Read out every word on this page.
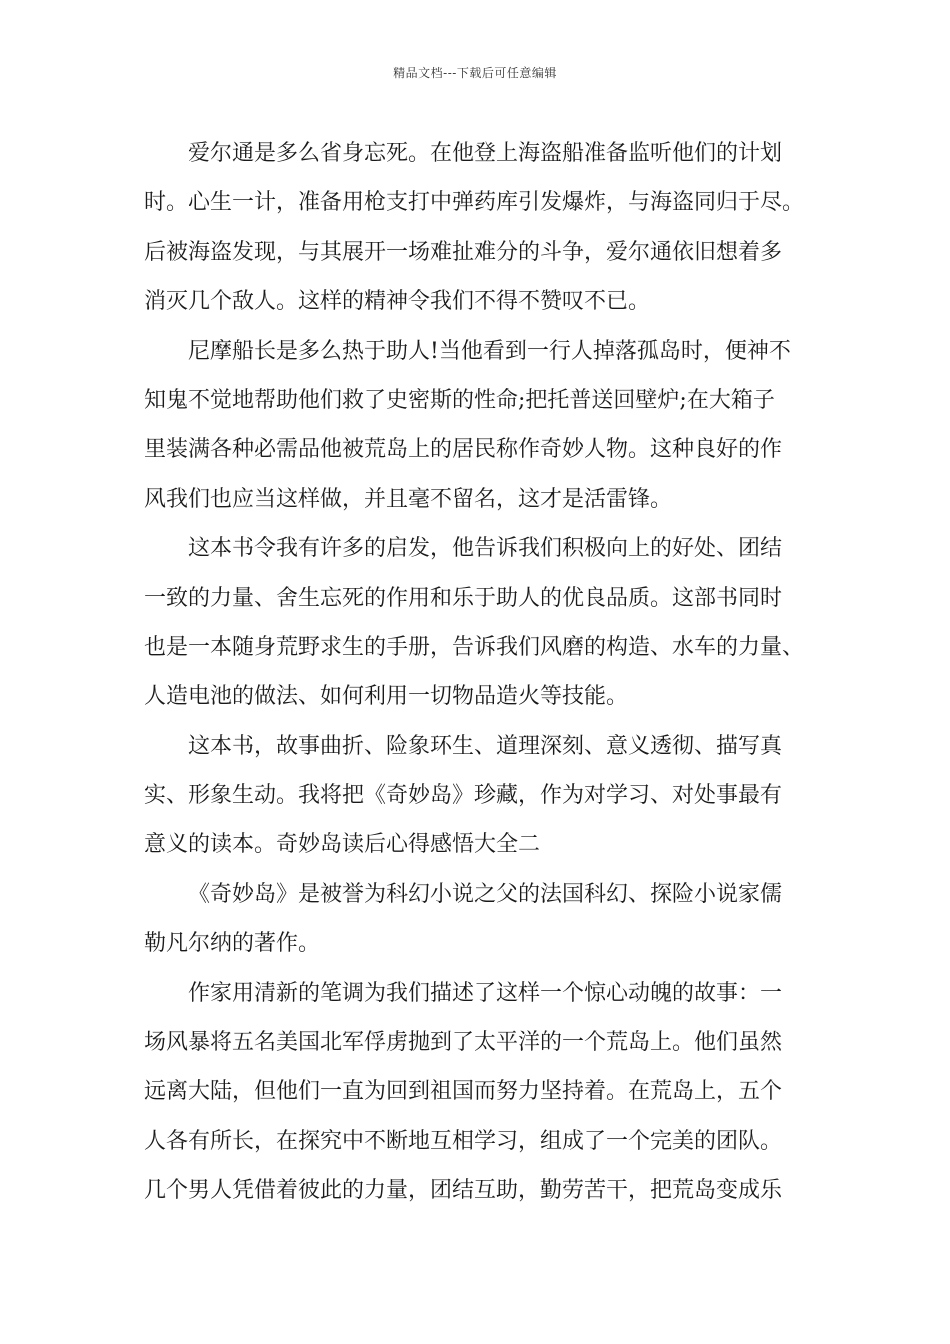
精品文档---下载后可任意编辑
爱尔通是多么省身忘死。在他登上海盗船准备监听他们的计划
时。心生一计，准备用枪支打中弹药库引发爆炸，与海盗同归于尽。
后被海盗发现，与其展开一场难扯难分的斗争，爱尔通依旧想着多
消灭几个敌人。这样的精神令我们不得不赞叹不已。
尼摩船长是多么热于助人!当他看到一行人掉落孤岛时，便神不
知鬼不觉地帮助他们救了史密斯的性命;把托普送回壁炉;在大箱子
里装满各种必需品他被荒岛上的居民称作奇妙人物。这种良好的作
风我们也应当这样做，并且毫不留名，这才是活雷锋。
这本书令我有许多的启发，他告诉我们积极向上的好处、团结
一致的力量、舍生忘死的作用和乐于助人的优良品质。这部书同时
也是一本随身荒野求生的手册，告诉我们风磨的构造、水车的力量、
人造电池的做法、如何利用一切物品造火等技能。
这本书，故事曲折、险象环生、道理深刻、意义透彻、描写真
实、形象生动。我将把《奇妙岛》珍藏，作为对学习、对处事最有
意义的读本。奇妙岛读后心得感悟大全二
《奇妙岛》是被誉为科幻小说之父的法国科幻、探险小说家儒
勒凡尔纳的著作。
作家用清新的笔调为我们描述了这样一个惊心动魄的故事：一
场风暴将五名美国北军俘虏抛到了太平洋的一个荒岛上。他们虽然
远离大陆，但他们一直为回到祖国而努力坚持着。在荒岛上，五个
人各有所长，在探究中不断地互相学习，组成了一个完美的团队。
几个男人凭借着彼此的力量，团结互助，勤劳苦干，把荒岛变成乐
